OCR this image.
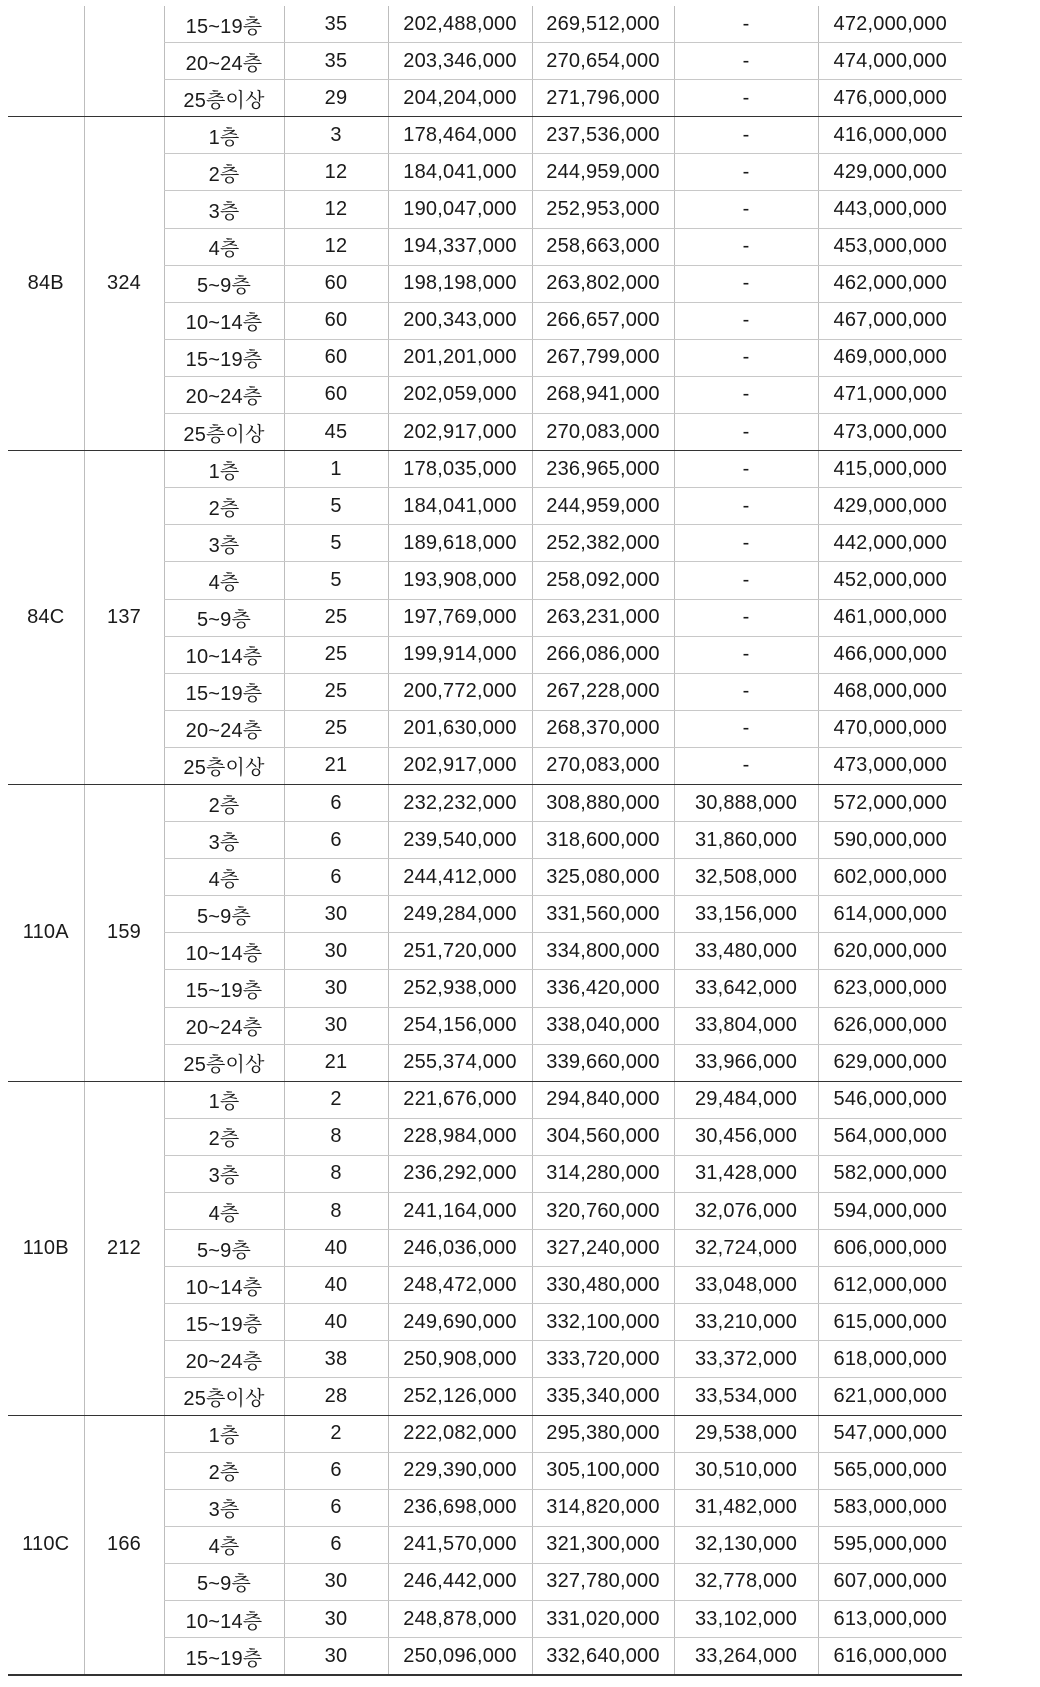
		15~19층	35	202,488,000	269,512,000	-	472,000,000
		20~24층	35	203,346,000	270,654,000	-	474,000,000
		25층이상	29	204,204,000	271,796,000	-	476,000,000
84B	324	1층	3	178,464,000	237,536,000	-	416,000,000
		2층	12	184,041,000	244,959,000	-	429,000,000
		3층	12	190,047,000	252,953,000	-	443,000,000
		4층	12	194,337,000	258,663,000	-	453,000,000
		5~9층	60	198,198,000	263,802,000	-	462,000,000
		10~14층	60	200,343,000	266,657,000	-	467,000,000
		15~19층	60	201,201,000	267,799,000	-	469,000,000
		20~24층	60	202,059,000	268,941,000	-	471,000,000
		25층이상	45	202,917,000	270,083,000	-	473,000,000
84C	137	1층	1	178,035,000	236,965,000	-	415,000,000
		2층	5	184,041,000	244,959,000	-	429,000,000
		3층	5	189,618,000	252,382,000	-	442,000,000
		4층	5	193,908,000	258,092,000	-	452,000,000
		5~9층	25	197,769,000	263,231,000	-	461,000,000
		10~14층	25	199,914,000	266,086,000	-	466,000,000
		15~19층	25	200,772,000	267,228,000	-	468,000,000
		20~24층	25	201,630,000	268,370,000	-	470,000,000
		25층이상	21	202,917,000	270,083,000	-	473,000,000
110A	159	2층	6	232,232,000	308,880,000	30,888,000	572,000,000
		3층	6	239,540,000	318,600,000	31,860,000	590,000,000
		4층	6	244,412,000	325,080,000	32,508,000	602,000,000
		5~9층	30	249,284,000	331,560,000	33,156,000	614,000,000
		10~14층	30	251,720,000	334,800,000	33,480,000	620,000,000
		15~19층	30	252,938,000	336,420,000	33,642,000	623,000,000
		20~24층	30	254,156,000	338,040,000	33,804,000	626,000,000
		25층이상	21	255,374,000	339,660,000	33,966,000	629,000,000
110B	212	1층	2	221,676,000	294,840,000	29,484,000	546,000,000
		2층	8	228,984,000	304,560,000	30,456,000	564,000,000
		3층	8	236,292,000	314,280,000	31,428,000	582,000,000
		4층	8	241,164,000	320,760,000	32,076,000	594,000,000
		5~9층	40	246,036,000	327,240,000	32,724,000	606,000,000
		10~14층	40	248,472,000	330,480,000	33,048,000	612,000,000
		15~19층	40	249,690,000	332,100,000	33,210,000	615,000,000
		20~24층	38	250,908,000	333,720,000	33,372,000	618,000,000
		25층이상	28	252,126,000	335,340,000	33,534,000	621,000,000
110C	166	1층	2	222,082,000	295,380,000	29,538,000	547,000,000
		2층	6	229,390,000	305,100,000	30,510,000	565,000,000
		3층	6	236,698,000	314,820,000	31,482,000	583,000,000
		4층	6	241,570,000	321,300,000	32,130,000	595,000,000
		5~9층	30	246,442,000	327,780,000	32,778,000	607,000,000
		10~14층	30	248,878,000	331,020,000	33,102,000	613,000,000
		15~19층	30	250,096,000	332,640,000	33,264,000	616,000,000
